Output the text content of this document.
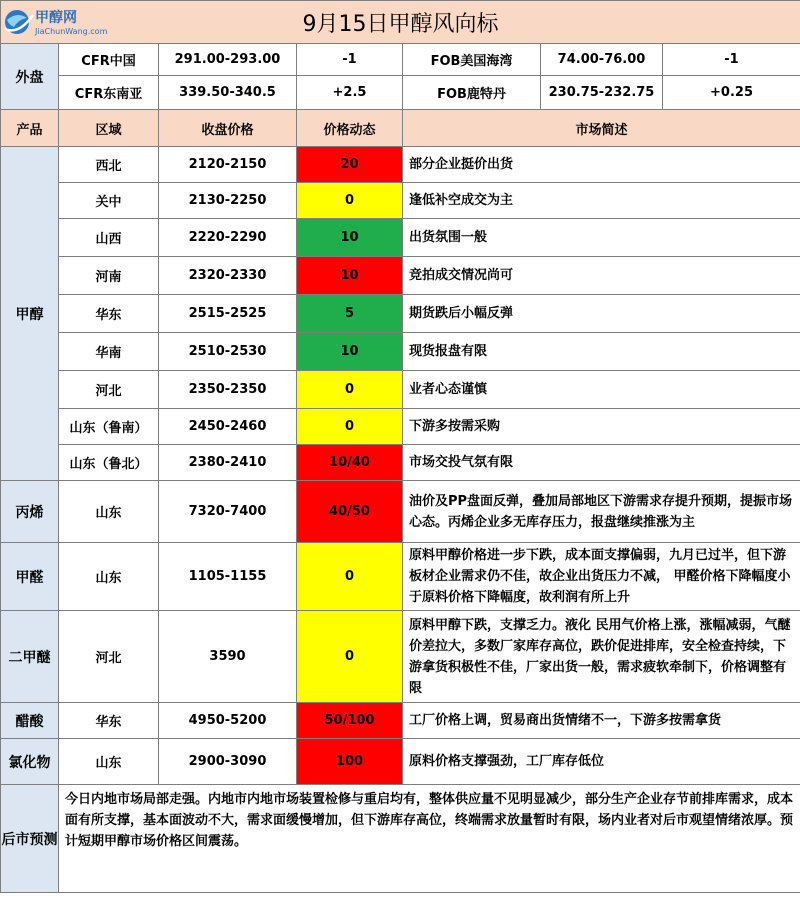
9月15日甲醇风向标						
外盘	CFR中国	291.00-293.00	-1	FOB美国海湾	74.00-76.00	-1
	CFR东南亚	339.50-340.5	+2.5	FOB鹿特丹	230.75-232.75	+0.25
产品	区域	收盘价格	价格动态	市场简述		
甲醇	西北	2120-2150	20	部分企业挺价出货		
	关中	2130-2250	0	逢低补空成交为主		
	山西	2220-2290	10	出货氛围一般		
	河南	2320-2330	10	竞拍成交情况尚可		
	华东	2515-2525	5	期货跌后小幅反弹		
	华南	2510-2530	10	现货报盘有限		
	河北	2350-2350	0	业者心态谨慎		
	山东（鲁南）	2450-2460	0	下游多按需采购		
	山东（鲁北）	2380-2410	10/40	市场交投气氛有限		
丙烯	山东	7320-7400	40/50	油价及PP盘面反弹，叠加局部地区下游需求存提升预期，提振市场心态。丙烯企业多无库存压力，报盘继续推涨为主		
甲醛	山东	1105-1155	0	原料甲醇价格进一步下跌，成本面支撑偏弱，九月已过半，但下游板材企业需求仍不佳，故企业出货压力不减， 甲醛价格下降幅度小于原料价格下降幅度，故利润有所上升		
二甲醚	河北	3590	0	原料甲醇下跌，支撑乏力。液化 民用气价格上涨，涨幅减弱，气醚价差拉大，多数厂家库存高位，跌价促进排库，安全检查持续，下游拿货积极性不佳，厂家出货一般，需求疲软牵制下，价格调整有限		
醋酸	华东	4950-5200	50/100	工厂价格上调，贸易商出货情绪不一，下游多按需拿货		
氯化物	山东	2900-3090	100	原料价格支撑强劲，工厂库存低位		
后市预测	今日内地市场局部走强。内地市内地市场装置检修与重启均有，整体供应量不见明显减少，部分生产企业存节前排库需求，成本面有所支撑，基本面波动不大，需求面缓慢增加，但下游库存高位，终端需求放量暂时有限，场内业者对后市观望情绪浓厚。预计短期甲醇市场价格区间震荡。					
甲醇网
JiaChunWang.com
